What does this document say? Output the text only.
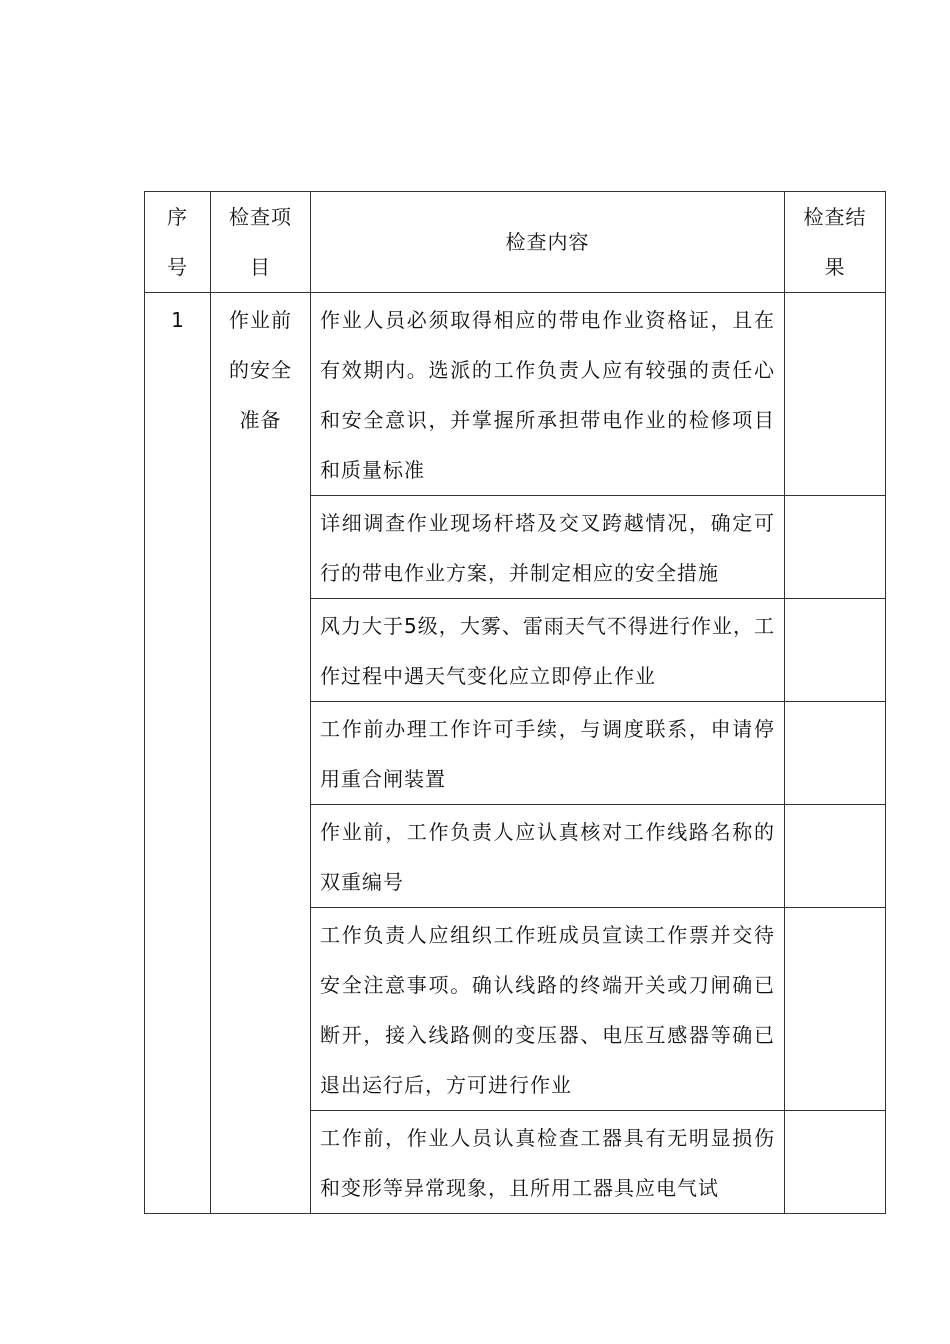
序号	检查项目	检查内容	检查结果

1	作业前的安全准备	作业人员必须取得相应的带电作业资格证，且在有效期内。选派的工作负责人应有较强的责任心和安全意识，并掌握所承担带电作业的检修项目和质量标准	

		详细调查作业现场杆塔及交叉跨越情况，确定可行的带电作业方案，并制定相应的安全措施	

		风力大于5级，大雾、雷雨天气不得进行作业，工作过程中遇天气变化应立即停止作业	

		工作前办理工作许可手续，与调度联系，申请停用重合闸装置	

		作业前，工作负责人应认真核对工作线路名称的双重编号	

		工作负责人应组织工作班成员宣读工作票并交待安全注意事项。确认线路的终端开关或刀闸确已断开，接入线路侧的变压器、电压互感器等确已退出运行后，方可进行作业	

		工作前，作业人员认真检查工器具有无明显损伤和变形等异常现象，且所用工器具应电气试	
